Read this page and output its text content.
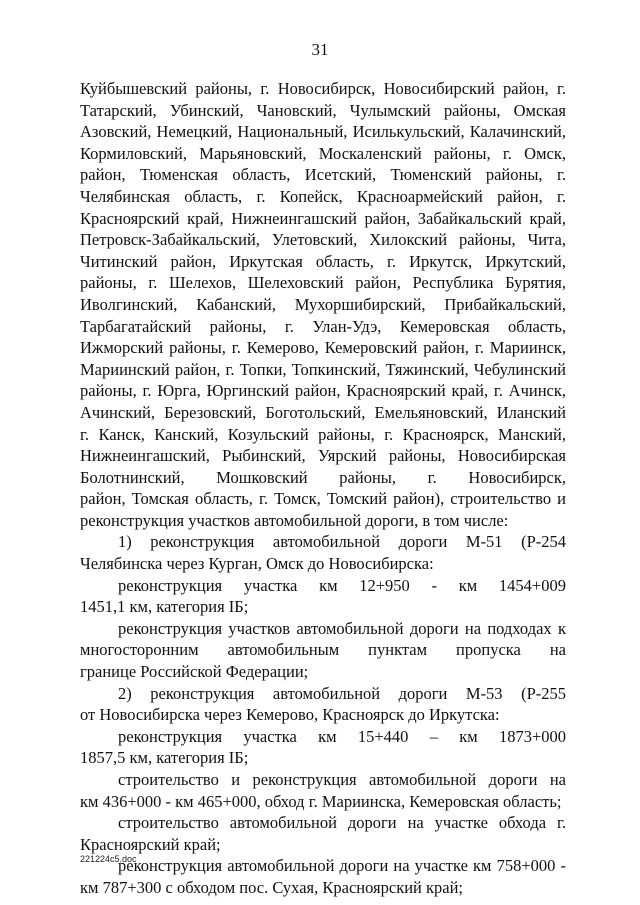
31
Куйбышевский районы, г. Новосибирск, Новосибирский район, г.
Татарский, Убинский, Чановский, Чулымский районы, Омская
Азовский, Немецкий, Национальный, Исилькульский, Калачинский,
Кормиловский, Марьяновский, Москаленский районы, г. Омск,
район, Тюменская область, Исетский, Тюменский районы, г.
Челябинская область, г. Копейск, Красноармейский район, г.
Красноярский край, Нижнеингашский район, Забайкальский край,
Петровск-Забайкальский, Улетовский, Хилокский районы, Чита,
Читинский район, Иркутская область, г. Иркутск, Иркутский,
районы, г. Шелехов, Шелеховский район, Республика Бурятия,
Иволгинский, Кабанский, Мухоршибирский, Прибайкальский,
Тарбагатайский районы, г. Улан-Удэ, Кемеровская область,
Ижморский районы, г. Кемерово, Кемеровский район, г. Мариинск,
Мариинский район, г. Топки, Топкинский, Тяжинский, Чебулинский
районы, г. Юрга, Юргинский район, Красноярский край, г. Ачинск,
Ачинский, Березовский, Боготольский, Емельяновский, Иланский
г. Канск, Канский, Козульский районы, г. Красноярск, Манский,
Нижнеингашский, Рыбинский, Уярский районы, Новосибирская
Болотнинский, Мошковский районы, г. Новосибирск,
район, Томская область, г. Томск, Томский район), строительство и
реконструкция участков автомобильной дороги, в том числе:
1) реконструкция автомобильной дороги М-51 (Р-254
Челябинска через Курган, Омск до Новосибирска:
реконструкция участка км 12+950 - км 1454+009
1451,1 км, категория IБ;
реконструкция участков автомобильной дороги на подходах к
многосторонним автомобильным пунктам пропуска на
границе Российской Федерации;
2) реконструкция автомобильной дороги М-53 (Р-255
от Новосибирска через Кемерово, Красноярск до Иркутска:
реконструкция участка км 15+440 – км 1873+000
1857,5 км, категория IБ;
строительство и реконструкция автомобильной дороги на
км 436+000 - км 465+000, обход г. Мариинска, Кемеровская область;
строительство автомобильной дороги на участке обхода г.
Красноярский край;
реконструкция автомобильной дороги на участке км 758+000 -
км 787+300 с обходом пос. Сухая, Красноярский край;
221224c5.doc
